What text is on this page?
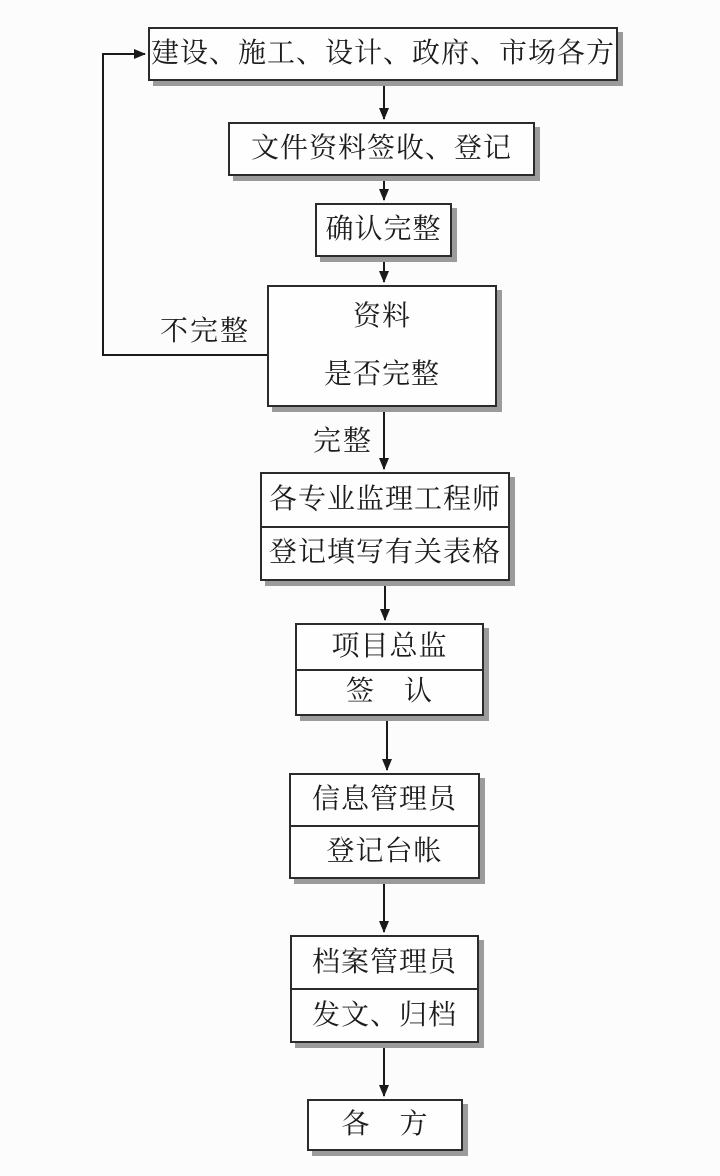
建设、施工、设计、政府、市场各方
文件资料签收、登记
确认完整
资料
是否完整
各专业监理工程师
登记填写有关表格
项目总监
签　认
信息管理员
登记台帐
档案管理员
发文、归档
各　方
不完整
完整
